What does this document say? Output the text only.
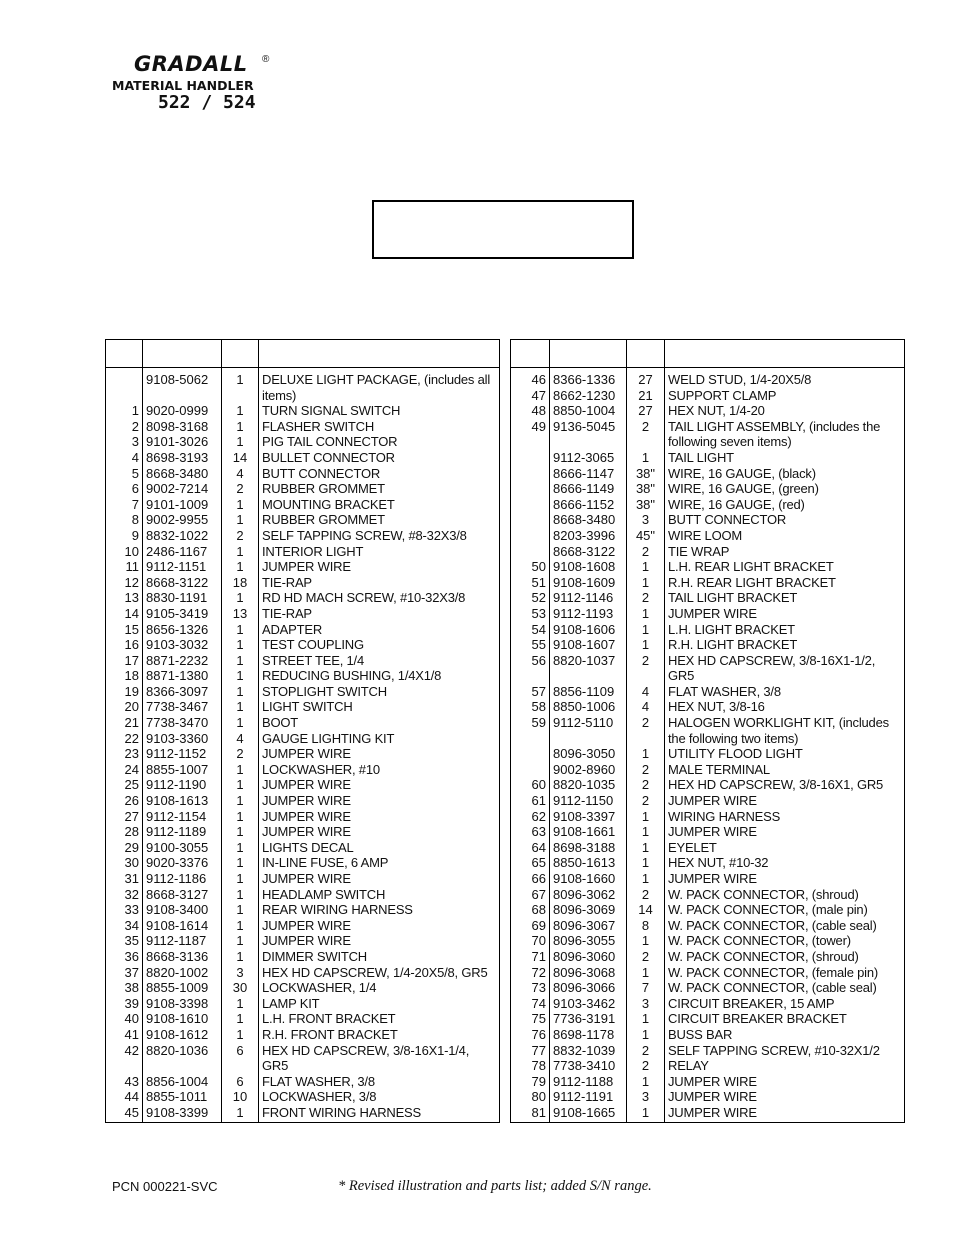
GRADALL ®
MATERIAL HANDLER
522 / 524

	9108-5062	1	DELUXE LIGHT PACKAGE, (includes all items)
1	9020-0999	1	TURN SIGNAL SWITCH
2	8098-3168	1	FLASHER SWITCH
3	9101-3026	1	PIG TAIL CONNECTOR
4	8698-3193	14	BULLET CONNECTOR
5	8668-3480	4	BUTT CONNECTOR
6	9002-7214	2	RUBBER GROMMET
7	9101-1009	1	MOUNTING BRACKET
8	9002-9955	1	RUBBER GROMMET
9	8832-1022	2	SELF TAPPING SCREW, #8-32X3/8
10	2486-1167	1	INTERIOR LIGHT
11	9112-1151	1	JUMPER WIRE
12	8668-3122	18	TIE-RAP
13	8830-1191	1	RD HD MACH SCREW, #10-32X3/8
14	9105-3419	13	TIE-RAP
15	8656-1326	1	ADAPTER
16	9103-3032	1	TEST COUPLING
17	8871-2232	1	STREET TEE, 1/4
18	8871-1380	1	REDUCING BUSHING, 1/4X1/8
19	8366-3097	1	STOPLIGHT SWITCH
20	7738-3467	1	LIGHT SWITCH
21	7738-3470	1	BOOT
22	9103-3360	4	GAUGE LIGHTING KIT
23	9112-1152	2	JUMPER WIRE
24	8855-1007	1	LOCKWASHER, #10
25	9112-1190	1	JUMPER WIRE
26	9108-1613	1	JUMPER WIRE
27	9112-1154	1	JUMPER WIRE
28	9112-1189	1	JUMPER WIRE
29	9100-3055	1	LIGHTS DECAL
30	9020-3376	1	IN-LINE FUSE, 6 AMP
31	9112-1186	1	JUMPER WIRE
32	8668-3127	1	HEADLAMP SWITCH
33	9108-3400	1	REAR WIRING HARNESS
34	9108-1614	1	JUMPER WIRE
35	9112-1187	1	JUMPER WIRE
36	8668-3136	1	DIMMER SWITCH
37	8820-1002	3	HEX HD CAPSCREW, 1/4-20X5/8, GR5
38	8855-1009	30	LOCKWASHER, 1/4
39	9108-3398	1	LAMP KIT
40	9108-1610	1	L.H. FRONT BRACKET
41	9108-1612	1	R.H. FRONT BRACKET
42	8820-1036	6	HEX HD CAPSCREW, 3/8-16X1-1/4, GR5
43	8856-1004	6	FLAT WASHER, 3/8
44	8855-1011	10	LOCKWASHER, 3/8
45	9108-3399	1	FRONT WIRING HARNESS

46	8366-1336	27	WELD STUD, 1/4-20X5/8
47	8662-1230	21	SUPPORT CLAMP
48	8850-1004	27	HEX NUT, 1/4-20
49	9136-5045	2	TAIL LIGHT ASSEMBLY, (includes the following seven items)
	9112-3065	1	TAIL LIGHT
	8666-1147	38"	WIRE, 16 GAUGE, (black)
	8666-1149	38"	WIRE, 16 GAUGE, (green)
	8666-1152	38"	WIRE, 16 GAUGE, (red)
	8668-3480	3	BUTT CONNECTOR
	8203-3996	45"	WIRE LOOM
	8668-3122	2	TIE WRAP
50	9108-1608	1	L.H. REAR LIGHT BRACKET
51	9108-1609	1	R.H. REAR LIGHT BRACKET
52	9112-1146	2	TAIL LIGHT BRACKET
53	9112-1193	1	JUMPER WIRE
54	9108-1606	1	L.H. LIGHT BRACKET
55	9108-1607	1	R.H. LIGHT BRACKET
56	8820-1037	2	HEX HD CAPSCREW, 3/8-16X1-1/2, GR5
57	8856-1109	4	FLAT WASHER, 3/8
58	8850-1006	4	HEX NUT, 3/8-16
59	9112-5110	2	HALOGEN WORKLIGHT KIT, (includes the following two items)
	8096-3050	1	UTILITY FLOOD LIGHT
	9002-8960	2	MALE TERMINAL
60	8820-1035	2	HEX HD CAPSCREW, 3/8-16X1, GR5
61	9112-1150	2	JUMPER WIRE
62	9108-3397	1	WIRING HARNESS
63	9108-1661	1	JUMPER WIRE
64	8698-3188	1	EYELET
65	8850-1613	1	HEX NUT, #10-32
66	9108-1660	1	JUMPER WIRE
67	8096-3062	2	W. PACK CONNECTOR, (shroud)
68	8096-3069	14	W. PACK CONNECTOR, (male pin)
69	8096-3067	8	W. PACK CONNECTOR, (cable seal)
70	8096-3055	1	W. PACK CONNECTOR, (tower)
71	8096-3060	2	W. PACK CONNECTOR, (shroud)
72	8096-3068	1	W. PACK CONNECTOR, (female pin)
73	8096-3066	7	W. PACK CONNECTOR, (cable seal)
74	9103-3462	3	CIRCUIT BREAKER, 15 AMP
75	7736-3191	1	CIRCUIT BREAKER BRACKET
76	8698-1178	1	BUSS BAR
77	8832-1039	2	SELF TAPPING SCREW, #10-32X1/2
78	7738-3410	2	RELAY
79	9112-1188	1	JUMPER WIRE
80	9112-1191	3	JUMPER WIRE
81	9108-1665	1	JUMPER WIRE
PCN 000221-SVC	* Revised illustration and parts list; added S/N range.
